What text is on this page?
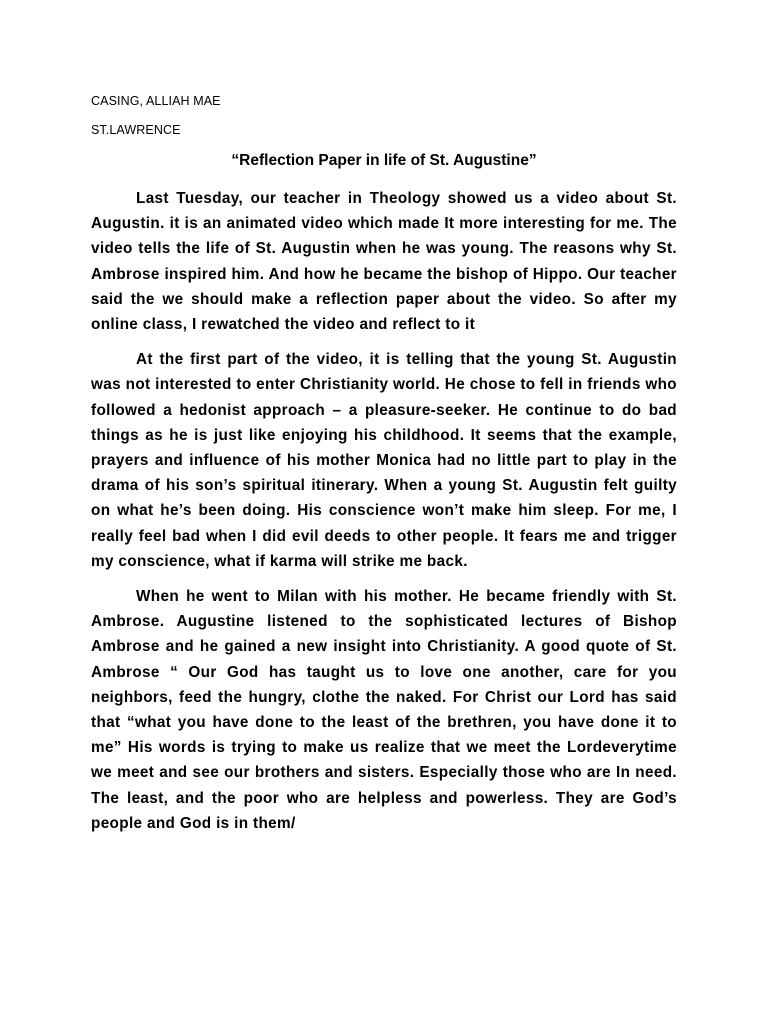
CASING, ALLIAH MAE
ST.LAWRENCE
“Reflection Paper in life of St. Augustine”

Last Tuesday, our teacher in Theology showed us a video about St. Augustin. it is an animated video which made It more interesting for me. The video tells the life of St. Augustin when he was young. The reasons why St. Ambrose inspired him. And how he became the bishop of Hippo. Our teacher said the we should make a reflection paper about the video. So after my online class, I rewatched the video and reflect to it

At the first part of the video, it is telling that the young St. Augustin was not interested to enter Christianity world. He chose to fell in friends who followed a hedonist approach – a pleasure-seeker. He continue to do bad things as he is just like enjoying his childhood. It seems that the example, prayers and influence of his mother Monica had no little part to play in the drama of his son’s spiritual itinerary. When a young St. Augustin felt guilty on what he’s been doing. His conscience won’t make him sleep. For me, I really feel bad when I did evil deeds to other people. It fears me and trigger my conscience, what if karma will strike me back.

When he went to Milan with his mother. He became friendly with St. Ambrose. Augustine listened to the sophisticated lectures of Bishop Ambrose and he gained a new insight into Christianity. A good quote of St. Ambrose “ Our God has taught us to love one another, care for you neighbors, feed the hungry, clothe the naked. For Christ our Lord has said that “what you have done to the least of the brethren, you have done it to me” His words is trying to make us realize that we meet the Lordeverytime we meet and see our brothers and sisters. Especially those who are In need. The least, and the poor who are helpless and powerless. They are God’s people and God is in them/
